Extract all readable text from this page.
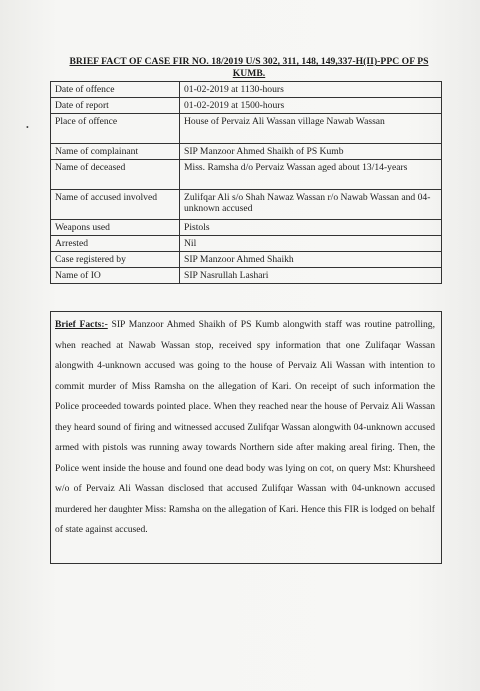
•
BRIEF FACT OF CASE FIR NO. 18/2019 U/S 302, 311, 148, 149,337-H(II)-PPC OF PS KUMB.
Date of offence	01-02-2019 at 1130-hours
Date of report	01-02-2019 at 1500-hours
Place of offence	House of Pervaiz Ali Wassan village Nawab Wassan
Name of complainant	SIP Manzoor Ahmed Shaikh of PS Kumb
Name of deceased	Miss. Ramsha d/o Pervaiz Wassan aged about 13/14-years
Name of accused involved	Zulifqar Ali s/o Shah Nawaz Wassan r/o Nawab Wassan and 04-unknown accused
Weapons used	Pistols
Arrested	Nil
Case registered by	SIP Manzoor Ahmed Shaikh
Name of IO	SIP Nasrullah Lashari

Brief Facts:- SIP Manzoor Ahmed Shaikh of PS Kumb alongwith staff was routine patrolling, when reached at Nawab Wassan stop, received spy information that one Zulifaqar Wassan alongwith 4-unknown accused was going to the house of Pervaiz Ali Wassan with intention to commit murder of Miss Ramsha on the allegation of Kari. On receipt of such information the Police proceeded towards pointed place. When they reached near the house of Pervaiz Ali Wassan they heard sound of firing and witnessed accused Zulifqar Wassan alongwith 04-unknown accused armed with pistols was running away towards Northern side after making areal firing. Then, the Police went inside the house and found one dead body was lying on cot, on query Mst: Khursheed w/o of Pervaiz Ali Wassan disclosed that accused Zulifqar Wassan with 04-unknown accused murdered her daughter Miss: Ramsha on the allegation of Kari. Hence this FIR is lodged on behalf of state against accused.
